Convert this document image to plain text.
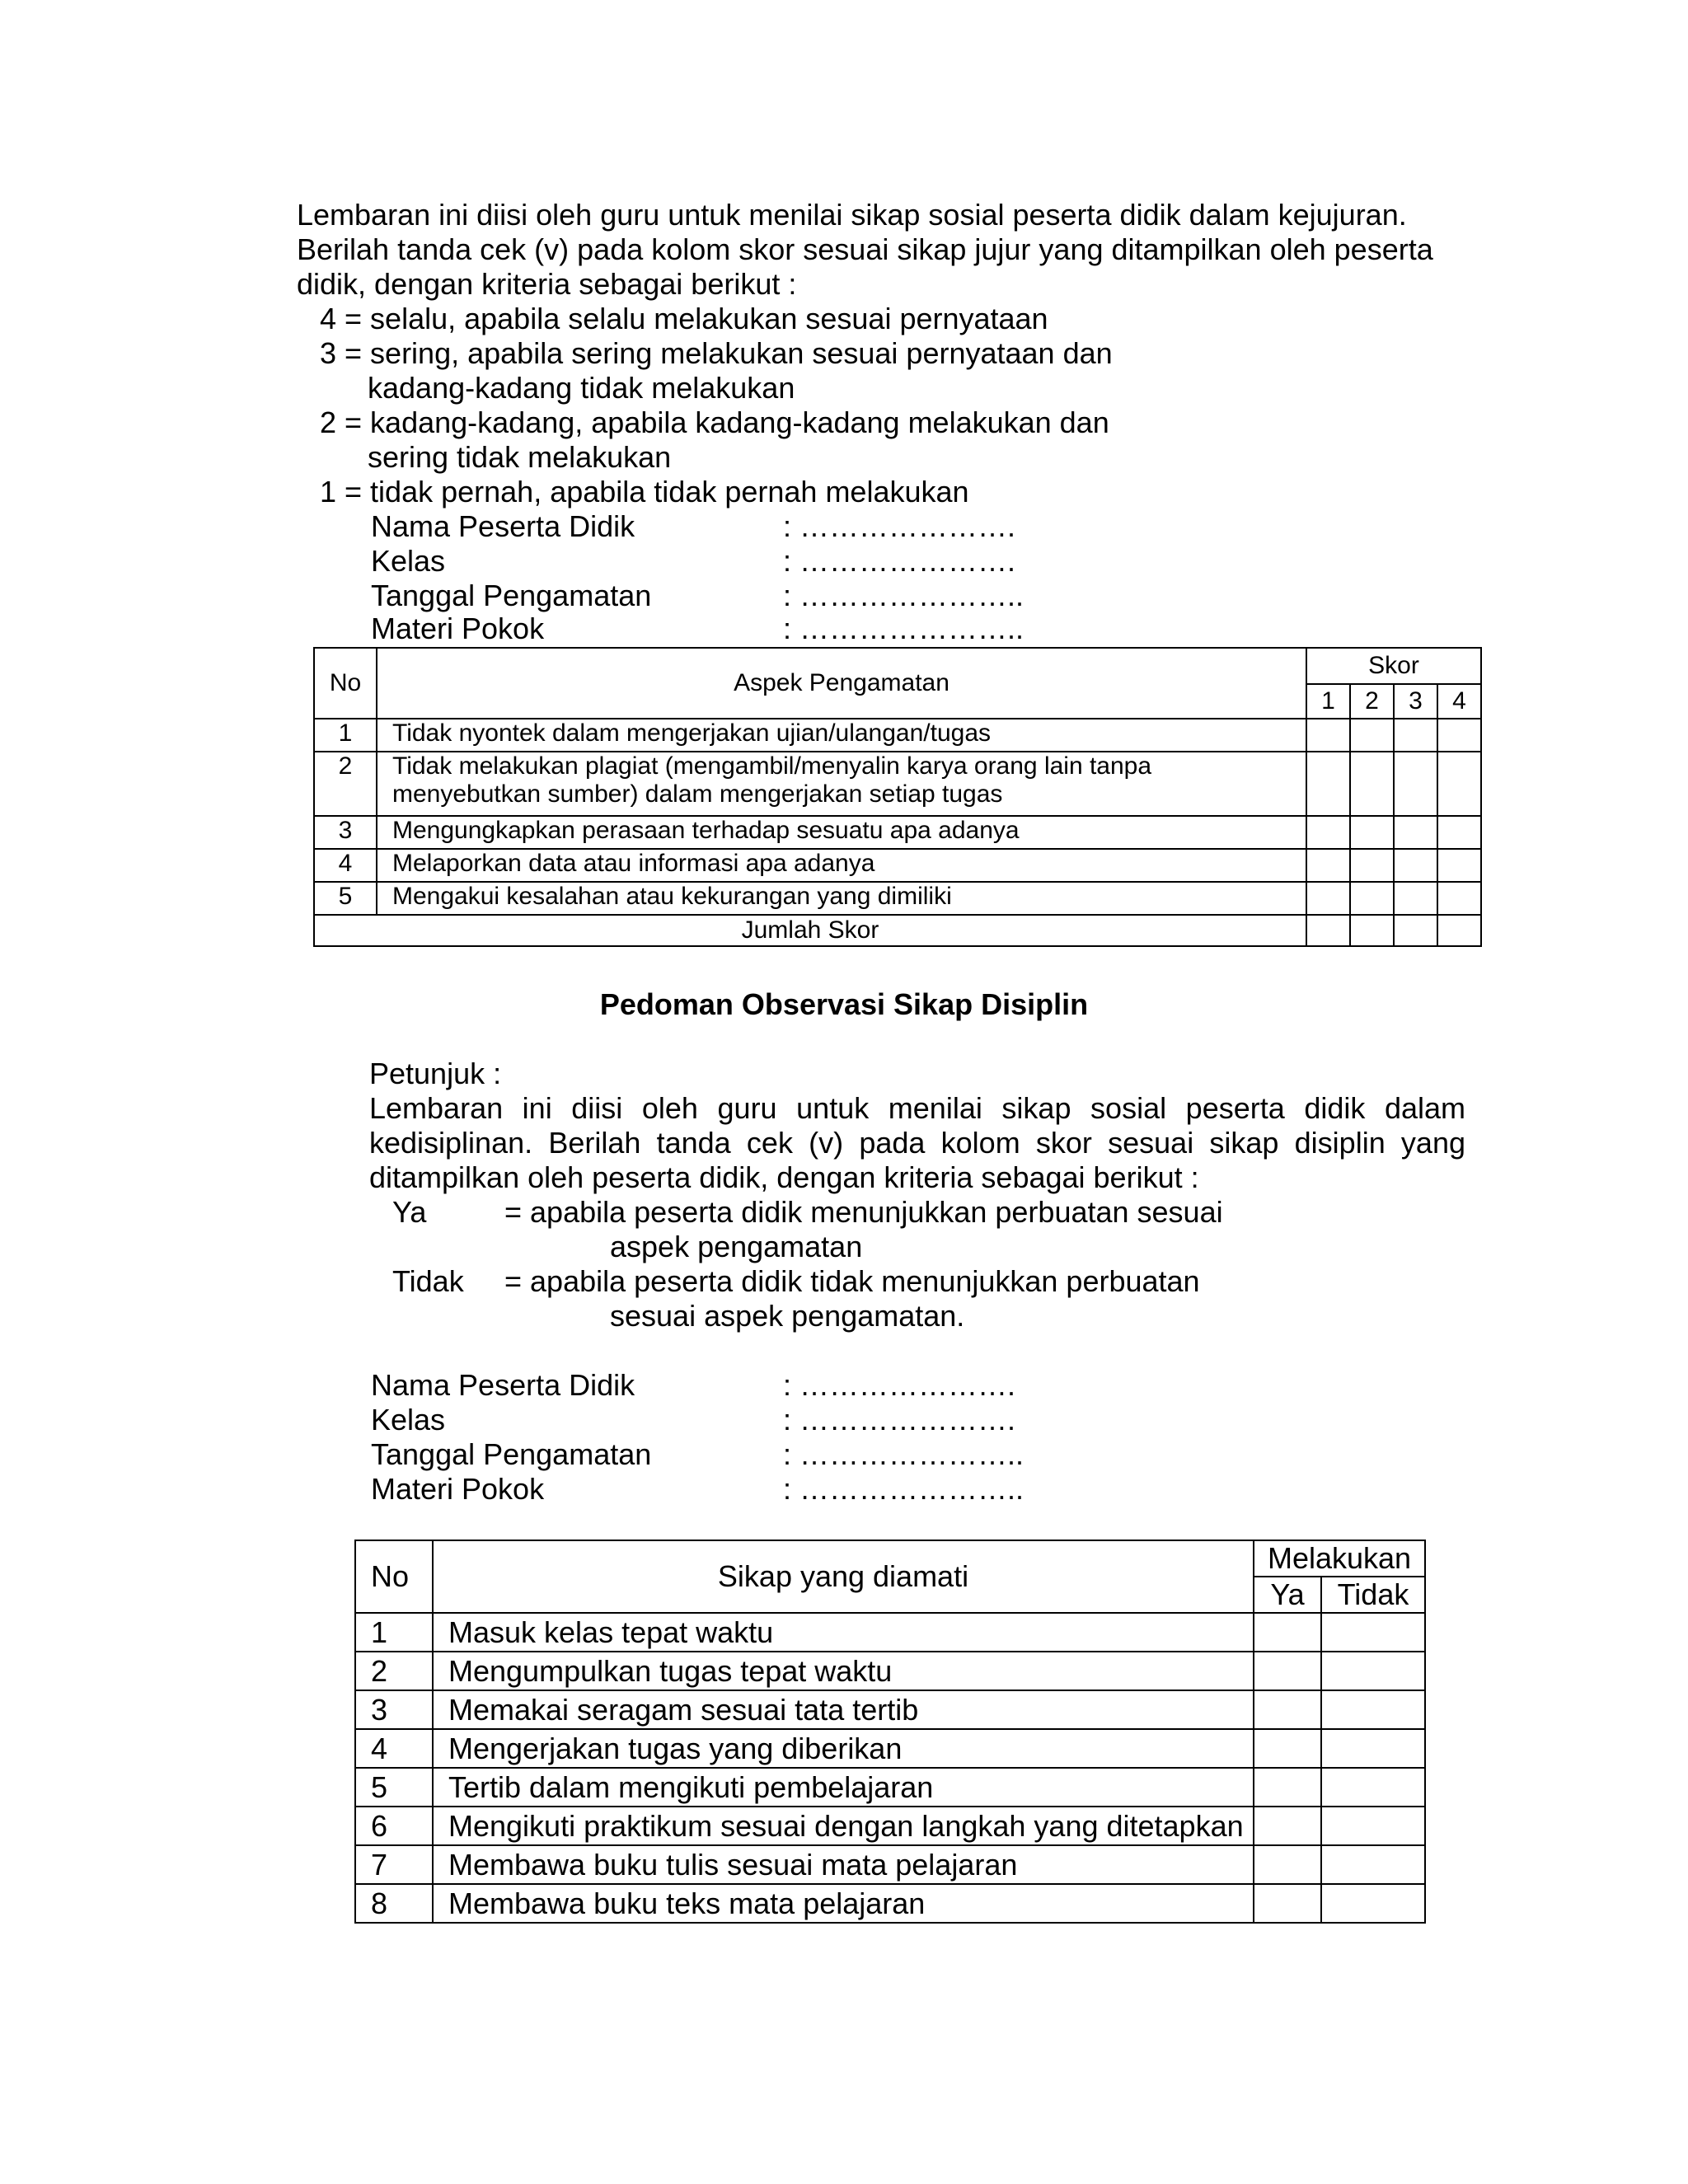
Lembaran ini diisi oleh guru untuk menilai sikap sosial peserta didik dalam kejujuran.
Berilah tanda cek (v) pada kolom skor sesuai sikap jujur yang ditampilkan oleh peserta
didik, dengan kriteria sebagai berikut :
4 = selalu, apabila selalu melakukan sesuai pernyataan
3 = sering, apabila sering melakukan sesuai pernyataan dan
kadang-kadang tidak melakukan
2 = kadang-kadang, apabila kadang-kadang melakukan dan
sering tidak melakukan
1 = tidak pernah, apabila tidak pernah melakukan
Nama Peserta Didik	: ………………….
Kelas	: ………………….
Tanggal Pengamatan	: …………………..
Materi Pokok	: …………………..
No	Aspek Pengamatan	Skor			
		1	2	3	4
1	Tidak nyontek dalam mengerjakan ujian/ulangan/tugas				
2	Tidak melakukan plagiat (mengambil/menyalin karya orang lain tanpa
menyebutkan sumber) dalam mengerjakan setiap tugas				

3	Mengungkapkan perasaan terhadap sesuatu apa adanya				
4	Melaporkan data atau informasi apa adanya				
5	Mengakui kesalahan atau kekurangan yang dimiliki				
Jumlah Skor					
Pedoman Observasi Sikap Disiplin
Petunjuk :
Lembaran ini diisi oleh guru untuk menilai sikap sosial peserta didik dalam
kedisiplinan. Berilah tanda cek (v) pada kolom skor sesuai sikap disiplin yang
ditampilkan oleh peserta didik, dengan kriteria sebagai berikut :
Ya	= apabila peserta didik menunjukkan perbuatan sesuai
aspek pengamatan
Tidak = apabila peserta didik tidak menunjukkan perbuatan
sesuai aspek pengamatan.
Nama Peserta Didik	: ………………….
Kelas	: ………………….
Tanggal Pengamatan	: …………………..
Materi Pokok	: …………………..
No	Sikap yang diamati	Melakukan	
		Ya	Tidak
1	Masuk kelas tepat waktu		
2	Mengumpulkan tugas tepat waktu		
3	Memakai seragam sesuai tata tertib		
4	Mengerjakan tugas yang diberikan		
5	Tertib dalam mengikuti pembelajaran		
6	Mengikuti praktikum sesuai dengan langkah yang ditetapkan		
7	Membawa buku tulis sesuai mata pelajaran		
8	Membawa buku teks mata pelajaran		
